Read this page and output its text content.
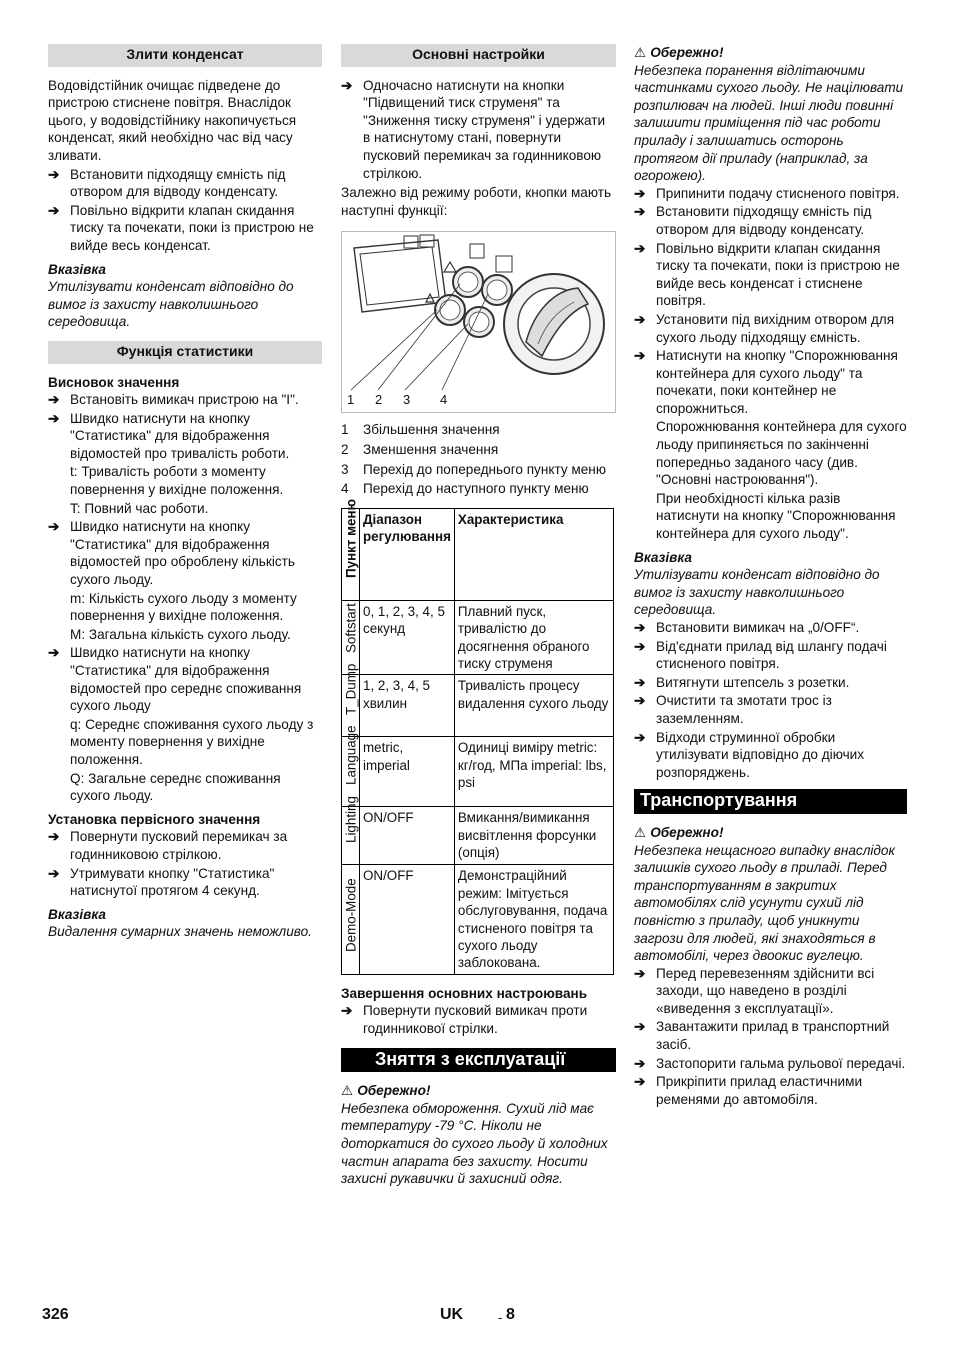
Злити конденсат

Водовідстійник очищає підведене до пристрою стиснене повітря. Внаслідок цього, у водовідстійнику накопичується конденсат, який необхідно час від часу зливати.

➔ Встановити підходящу ємність під отвором для відводу конденсату.
➔ Повільно відкрити клапан скидання тиску та почекати, поки із пристрою не вийде весь конденсат.
Вказівка
Утилізувати конденсат відповідно до вимог із захисту навколишнього середовища.
Функція статистики
Висновок значення
➔ Встановіть вимикач пристрою на "I".
➔ Швидко натиснути на кнопку "Статистика" для відображення відомостей про тривалість роботи.
t: Тривалість роботи з моменту повернення у вихідне положення.
T: Повний час роботи.
➔ Швидко натиснути на кнопку "Статистика" для відображення відомостей про оброблену кількість сухого льоду.
m: Кількість сухого льоду з моменту повернення у вихідне положення.
M: Загальна кількість сухого льоду.
➔ Швидко натиснути на кнопку "Статистика" для відображення відомостей про середнє споживання сухого льоду
q: Середнє споживання сухого льоду з моменту повернення у вихідне положення.
Q: Загальне середнє споживання сухого льоду.
Установка первісного значення
➔ Повернути пусковий перемикач за годинниковою стрілкою.
➔ Утримувати кнопку "Статистика" натиснутої протягом 4 секунд.
Вказівка
Видалення сумарних значень неможливо.
Основні настройки
➔ Одночасно натиснути на кнопки "Підвищений тиск струменя" та "Зниження тиску струменя" і удержати в натиснутому стані, повернути пусковий перемикач за годинниковою стрілкою.

Залежно від режиму роботи, кнопки мають наступні функції:

1 2 3 4
1	Збільшення значення
2	Зменшення значення
3	Перехід до попереднього пункту меню
4	Перехід до наступного пункту меню
Пункт меню	Діапазон регулювання	Характеристика

Softstart	0, 1, 2, 3, 4, 5 секунд	Плавний пуск, тривалістю до досягнення обраного тиску струменя

T_Dump	1, 2, 3, 4, 5 хвилин	Тривалість процесу видалення сухого льоду

Language	metric, imperial	Одиниці виміру metric: кг/год, МПа imperial: lbs, psi

Lighting	ON/OFF	Вмикання/вимикання висвітлення форсунки (опція)

Demo-Mode	ON/OFF	Демонстраційний режим: Імітується обслуговування, подача стисненого повітря та сухого льоду заблокована.
Завершення основних настроювань
➔ Повернути пусковий вимикач проти годинникової стрілки.
Зняття з експлуатації
⚠ Обережно!
Небезпека обмороження. Сухий лід має температуру -79 °C. Ніколи не доторкатися до сухого льоду й холодних частин апарата без захисту. Носити захисні рукавички й захисний одяг.
⚠ Обережно!
Небезпека поранення відлітаючими частинками сухого льоду. Не націлювати розпилювач на людей. Інші люди повинні залишити приміщення під час роботи приладу і залишатись осторонь протягом дії приладу (наприклад, за огорожею).
➔ Припинити подачу стисненого повітря.
➔ Встановити підходящу ємність під отвором для відводу конденсату.
➔ Повільно відкрити клапан скидання тиску та почекати, поки із пристрою не вийде весь конденсат і стиснене повітря.
➔ Установити під вихідним отвором для сухого льоду підходящу ємність.
➔ Натиснути на кнопку "Спорожнювання контейнера для сухого льоду" та почекати, поки контейнер не спорожниться.
Спорожнювання контейнера для сухого льоду припиняється по закінченні попередньо заданого часу (див. "Основні настроювання").
При необхідності кілька разів натиснути на кнопку "Спорожнювання контейнера для сухого льоду".
Вказівка
Утилізувати конденсат відповідно до вимог із захисту навколишнього середовища.
➔ Встановити вимикач на „0/OFF“.
➔ Від'єднати прилад від шлангу подачі стисненого повітря.
➔ Витягнути штепсель з розетки.
➔ Очистити та змотати трос із заземленням.
➔ Відходи струминної обробки утилізувати відповідно до діючих розпоряджень.
Транспортування
⚠ Обережно!
Небезпека нещасного випадку внаслідок залишків сухого льоду в приладі. Перед транспортуванням в закритих автомобілях слід усунути сухий лід повністю з приладу, щоб уникнути загрози для людей, які знаходяться в автомобілі, через двоокис вуглецю.
➔ Перед перевезенням здійснити всі заходи, що наведено в розділі «виведення з експлуатації».
➔ Завантажити прилад в транспортний засіб.
➔ Застопорити гальма рульової передачі.
➔ Прикріпити прилад еластичними ременями до автомобіля.
326	UK	- 8
